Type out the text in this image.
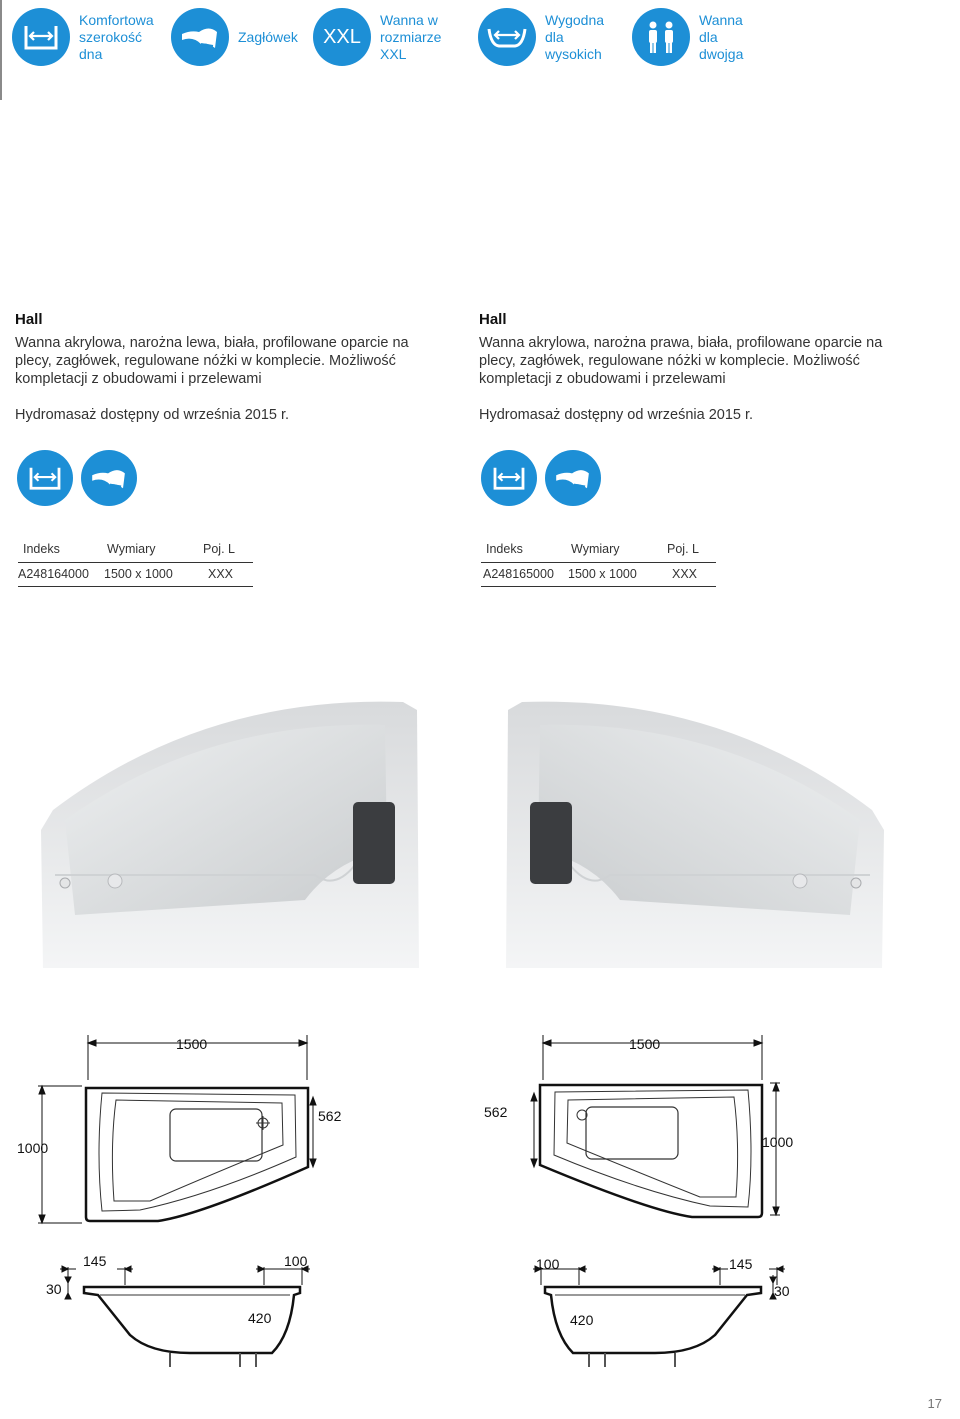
Komfortowa szerokość dna
Zagłówek XXL
Wanna w rozmiarze XXL
Wygodna dla wysokich
Wanna dla dwojga
Hall
Wanna akrylowa, narożna lewa, biała, profilowane oparcie na plecy, zagłówek, regulowane nóżki w komplecie. Możliwość kompletacji z obudowami i przelewami
Hydromasaż dostępny od września 2015 r.
Indeks	Wymiary	Poj. L
A248164000 1500 x 1000	XXX
Hall
Wanna akrylowa, narożna prawa, biała, profilowane oparcie na plecy, zagłówek, regulowane nóżki w komplecie. Możliwość kompletacji z obudowami i przelewami
Hydromasaż dostępny od września 2015 r.
Indeks	Wymiary	Poj. L
A248165000 1500 x 1000	XXX
1500
1000
562
1500
1000
562
30
145	100
420
100	145
30
420
17
